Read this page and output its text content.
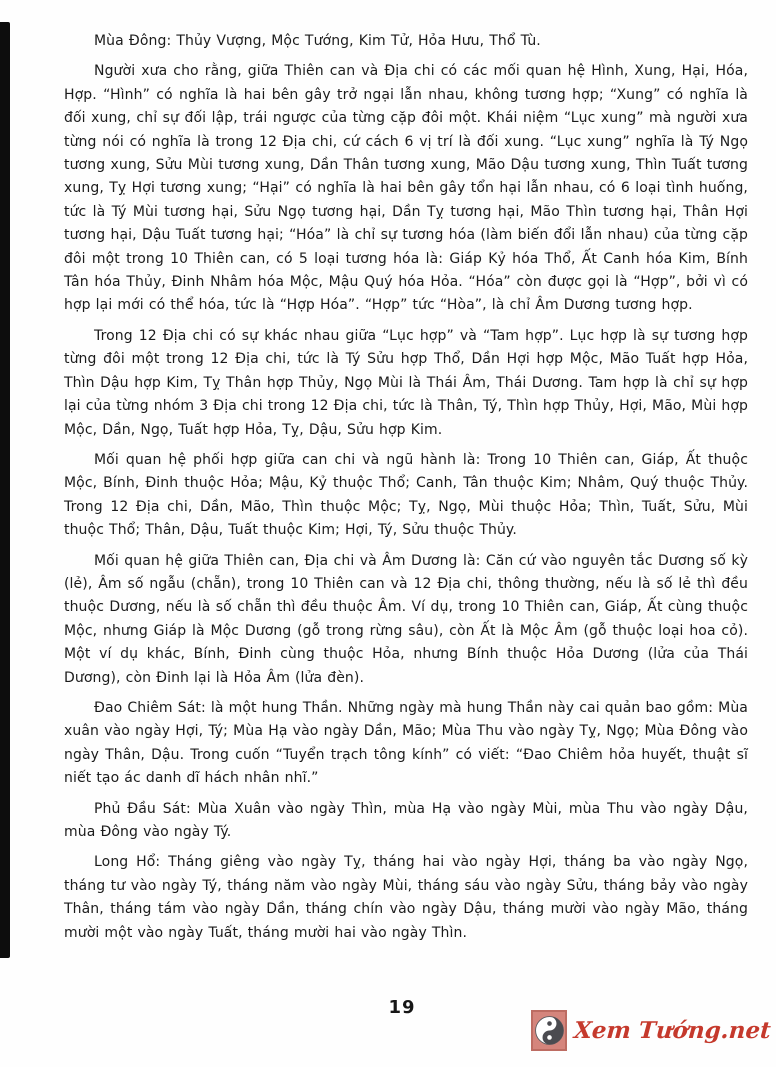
Mùa Đông: Thủy Vượng, Mộc Tướng, Kim Tử, Hỏa Hưu, Thổ Tù.

Người xưa cho rằng, giữa Thiên can và Địa chi có các mối quan hệ Hình, Xung, Hại, Hóa, Hợp. “Hình” có nghĩa là hai bên gây trở ngại lẫn nhau, không tương hợp; “Xung” có nghĩa là đối xung, chỉ sự đối lập, trái ngược của từng cặp đôi một. Khái niệm “Lục xung” mà người xưa từng nói có nghĩa là trong 12 Địa chi, cứ cách 6 vị trí là đối xung. “Lục xung” nghĩa là Tý Ngọ tương xung, Sửu Mùi tương xung, Dần Thân tương xung, Mão Dậu tương xung, Thìn Tuất tương xung, Tỵ Hợi tương xung; “Hại” có nghĩa là hai bên gây tổn hại lẫn nhau, có 6 loại tình huống, tức là Tý Mùi tương hại, Sửu Ngọ tương hại, Dần Tỵ tương hại, Mão Thìn tương hại, Thân Hợi tương hại, Dậu Tuất tương hại; “Hóa” là chỉ sự tương hóa (làm biến đổi lẫn nhau) của từng cặp đôi một trong 10 Thiên can, có 5 loại tương hóa là: Giáp Kỷ hóa Thổ, Ất Canh hóa Kim, Bính Tân hóa Thủy, Đinh Nhâm hóa Mộc, Mậu Quý hóa Hỏa. “Hóa” còn được gọi là “Hợp”, bởi vì có hợp lại mới có thể hóa, tức là “Hợp Hóa”. “Hợp” tức “Hòa”, là chỉ Âm Dương tương hợp.

Trong 12 Địa chi có sự khác nhau giữa “Lục hợp” và “Tam hợp”. Lục hợp là sự tương hợp từng đôi một trong 12 Địa chi, tức là Tý Sửu hợp Thổ, Dần Hợi hợp Mộc, Mão Tuất hợp Hỏa, Thìn Dậu hợp Kim, Tỵ Thân hợp Thủy, Ngọ Mùi là Thái Âm, Thái Dương. Tam hợp là chỉ sự hợp lại của từng nhóm 3 Địa chi trong 12 Địa chi, tức là Thân, Tý, Thìn hợp Thủy, Hợi, Mão, Mùi hợp Mộc, Dần, Ngọ, Tuất hợp Hỏa, Tỵ, Dậu, Sửu hợp Kim.

Mối quan hệ phối hợp giữa can chi và ngũ hành là: Trong 10 Thiên can, Giáp, Ất thuộc Mộc, Bính, Đinh thuộc Hỏa; Mậu, Kỷ thuộc Thổ; Canh, Tân thuộc Kim; Nhâm, Quý thuộc Thủy. Trong 12 Địa chi, Dần, Mão, Thìn thuộc Mộc; Tỵ, Ngọ, Mùi thuộc Hỏa; Thìn, Tuất, Sửu, Mùi thuộc Thổ; Thân, Dậu, Tuất thuộc Kim; Hợi, Tý, Sửu thuộc Thủy.

Mối quan hệ giữa Thiên can, Địa chi và Âm Dương là: Căn cứ vào nguyên tắc Dương số kỳ (lẻ), Âm số ngẫu (chẵn), trong 10 Thiên can và 12 Địa chi, thông thường, nếu là số lẻ thì đều thuộc Dương, nếu là số chẵn thì đều thuộc Âm. Ví dụ, trong 10 Thiên can, Giáp, Ất cùng thuộc Mộc, nhưng Giáp là Mộc Dương (gỗ trong rừng sâu), còn Ất là Mộc Âm (gỗ thuộc loại hoa cỏ). Một ví dụ khác, Bính, Đinh cùng thuộc Hỏa, nhưng Bính thuộc Hỏa Dương (lửa của Thái Dương), còn Đinh lại là Hỏa Âm (lửa đèn).

Đao Chiêm Sát: là một hung Thần. Những ngày mà hung Thần này cai quản bao gồm: Mùa xuân vào ngày Hợi, Tý; Mùa Hạ vào ngày Dần, Mão; Mùa Thu vào ngày Tỵ, Ngọ; Mùa Đông vào ngày Thân, Dậu. Trong cuốn “Tuyển trạch tông kính” có viết: “Đao Chiêm hỏa huyết, thuật sĩ niết tạo ác danh dĩ hách nhân nhĩ.”

Phủ Đầu Sát: Mùa Xuân vào ngày Thìn, mùa Hạ vào ngày Mùi, mùa Thu vào ngày Dậu, mùa Đông vào ngày Tý.

Long Hổ: Tháng giêng vào ngày Tỵ, tháng hai vào ngày Hợi, tháng ba vào ngày Ngọ, tháng tư vào ngày Tý, tháng năm vào ngày Mùi, tháng sáu vào ngày Sửu, tháng bảy vào ngày Thân, tháng tám vào ngày Dần, tháng chín vào ngày Dậu, tháng mười vào ngày Mão, tháng mười một vào ngày Tuất, tháng mười hai vào ngày Thìn.

19
Xem Tướng.net
